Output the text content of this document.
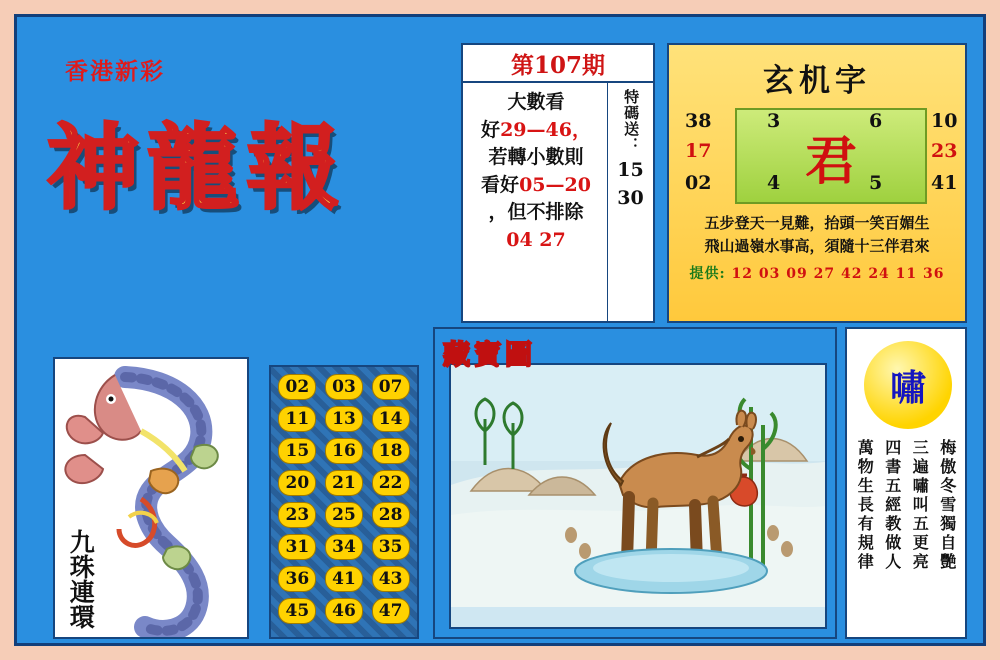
香港新彩
神龍報
第107期
特碼送：
15
30
大數看
好29—46，
若轉小數則
看好05—20
，但不排除
04 27
玄机字
君
38
17
02
3
4
6
5
10
23
41
五步登天一見難，抬頭一笑百媚生
飛山過嶺水事高，須隨十三伴君來
提供: 12 03 09 27 42 24 11 36
九珠連環
02	03	07
11	13	14
15	16	18
20	21	22
23	25	28
31	34	35
36	41	43
45	46	47
藏寶圖
嘯
梅傲冬雪獨自艷
三遍嘯叫五更亮
四書五經教做人
萬物生長有規律
